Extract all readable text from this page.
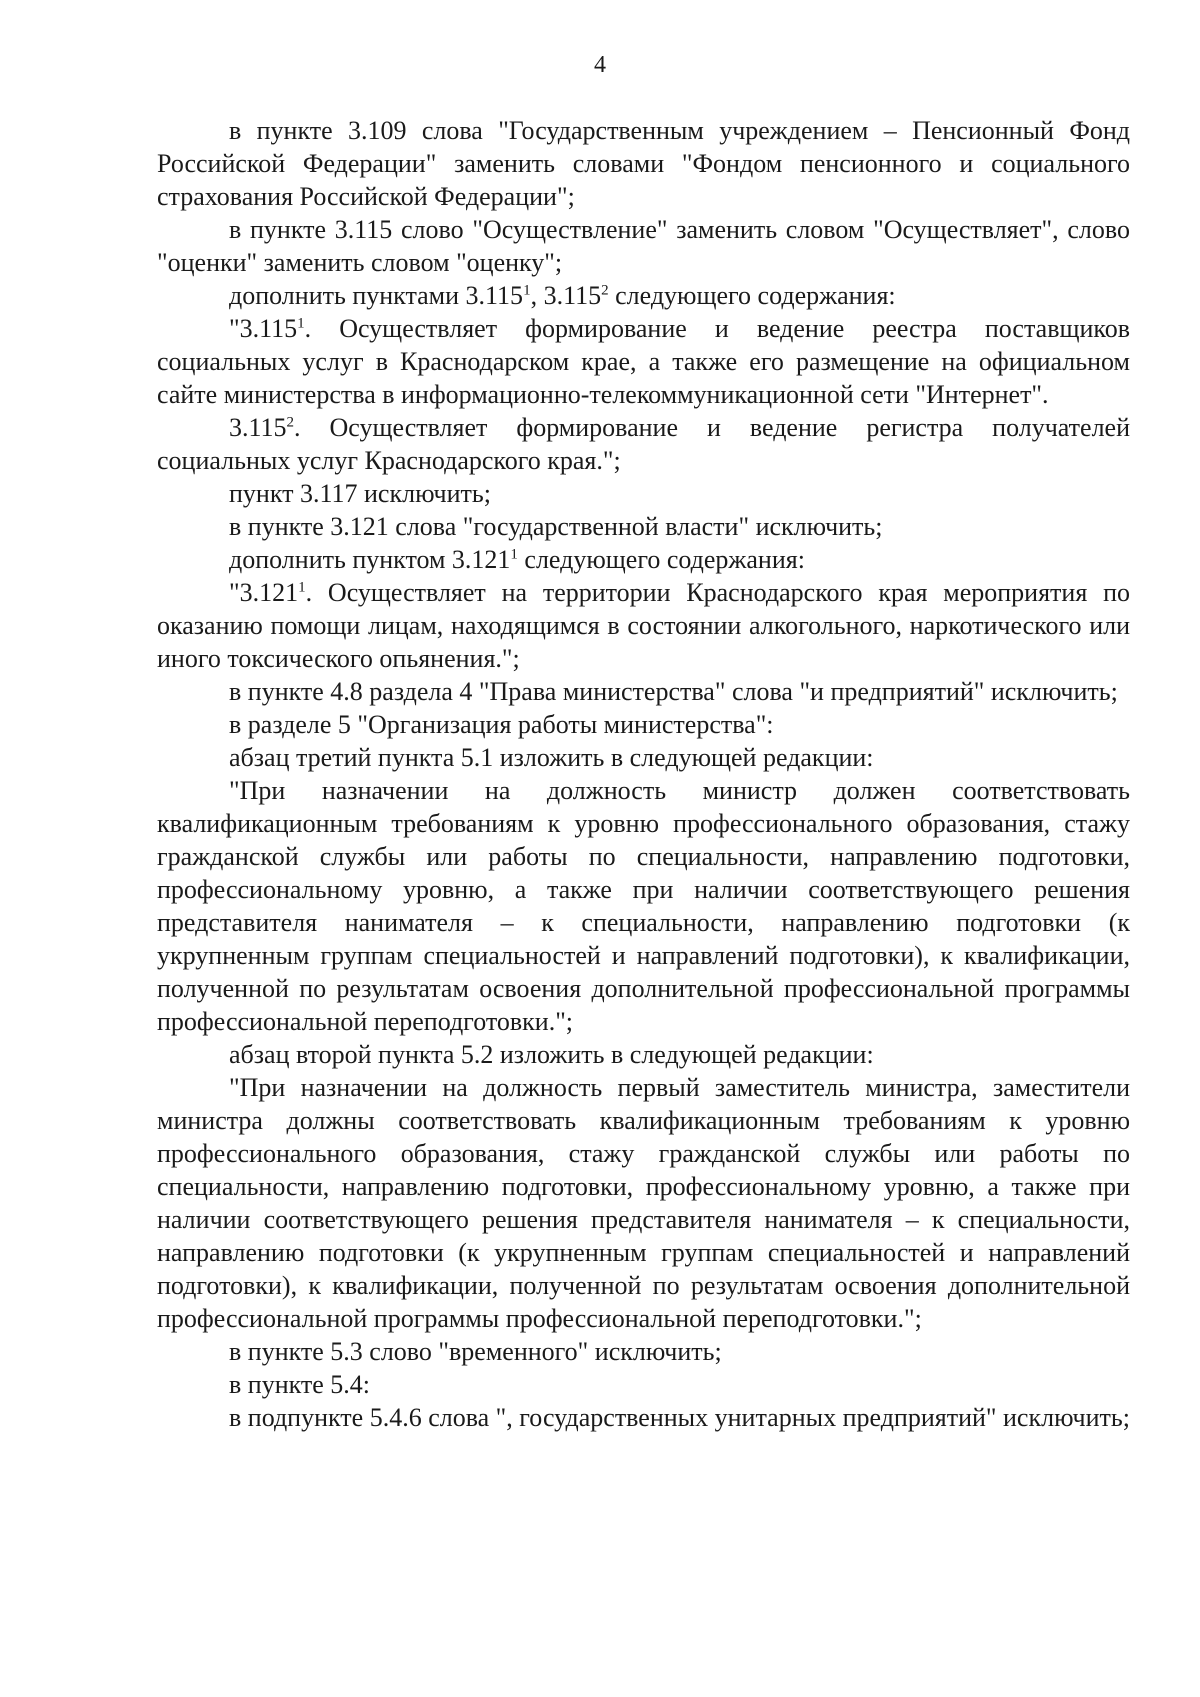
4

в пункте 3.109 слова "Государственным учреждением – Пенсионный Фонд Российской Федерации" заменить словами "Фондом пенсионного и социального страхования Российской Федерации";

в пункте 3.115 слово "Осуществление" заменить словом "Осуществляет", слово "оценки" заменить словом "оценку";

дополнить пунктами 3.115$^1$, 3.115$^2$ следующего содержания:

"3.115$^1$. Осуществляет формирование и ведение реестра поставщиков социальных услуг в Краснодарском крае, а также его размещение на официальном сайте министерства в информационно-телекоммуникационной сети "Интернет".

3.115$^2$. Осуществляет формирование и ведение регистра получателей социальных услуг Краснодарского края.";

пункт 3.117 исключить;

в пункте 3.121 слова "государственной власти" исключить;

дополнить пунктом 3.121$^1$ следующего содержания:

"3.121$^1$. Осуществляет на территории Краснодарского края мероприятия по оказанию помощи лицам, находящимся в состоянии алкогольного, наркотического или иного токсического опьянения.";

в пункте 4.8 раздела 4 "Права министерства" слова "и предприятий" исключить;

в разделе 5 "Организация работы министерства":

абзац третий пункта 5.1 изложить в следующей редакции:

"При назначении на должность министр должен соответствовать квалификационным требованиям к уровню профессионального образования, стажу гражданской службы или работы по специальности, направлению подготовки, профессиональному уровню, а также при наличии соответствующего решения представителя нанимателя – к специальности, направлению подготовки (к укрупненным группам специальностей и направлений подготовки), к квалификации, полученной по результатам освоения дополнительной профессиональной программы профессиональной переподготовки.";

абзац второй пункта 5.2 изложить в следующей редакции:

"При назначении на должность первый заместитель министра, заместители министра должны соответствовать квалификационным требованиям к уровню профессионального образования, стажу гражданской службы или работы по специальности, направлению подготовки, профессиональному уровню, а также при наличии соответствующего решения представителя нанимателя – к специальности, направлению подготовки (к укрупненным группам специальностей и направлений подготовки), к квалификации, полученной по результатам освоения дополнительной профессиональной программы профессиональной переподготовки.";

в пункте 5.3 слово "временного" исключить;

в пункте 5.4:

в подпункте 5.4.6 слова ", государственных унитарных предприятий" исключить;
